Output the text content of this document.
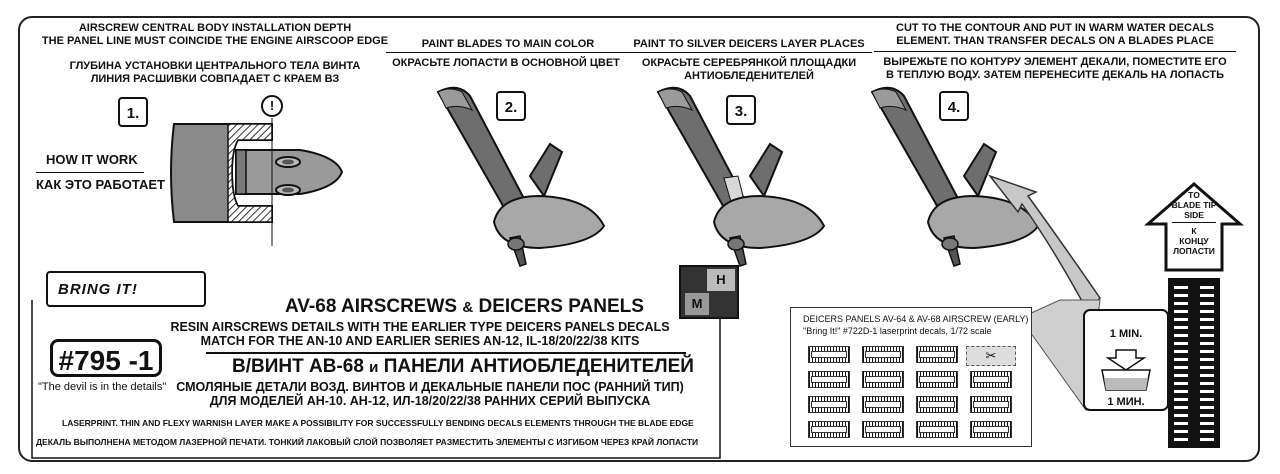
AIRSCREW CENTRAL BODY INSTALLATION DEPTH
THE PANEL LINE MUST COINCIDE THE ENGINE AIRSCOOP EDGE
ГЛУБИНА УСТАНОВКИ ЦЕНТРАЛЬНОГО ТЕЛА ВИНТА
ЛИНИЯ РАСШИВКИ СОВПАДАЕТ С КРАЕМ ВЗ
1.
HOW IT WORK
КАК ЭТО РАБОТАЕТ
PAINT BLADES TO MAIN COLOR
ОКРАСЬТЕ ЛОПАСТИ В ОСНОВНОЙ ЦВЕТ
2.
PAINT TO SILVER DEICERS LAYER PLACES
ОКРАСЬТЕ СЕРЕБРЯНКОЙ ПЛОЩАДКИ
АНТИОБЛЕДЕНИТЕЛЕЙ
3.
CUT TO THE CONTOUR AND PUT IN WARM WATER DECALS
ELEMENT. THAN TRANSFER DECALS ON A BLADES PLACE
ВЫРЕЖЬТЕ ПО КОНТУРУ ЭЛЕМЕНТ ДЕКАЛИ, ПОМЕСТИТЕ ЕГО
В ТЕПЛУЮ ВОДУ. ЗАТЕМ ПЕРЕНЕСИТЕ ДЕКАЛЬ НА ЛОПАСТЬ
4.
!
TO
BLADE TIP
SIDE
К
КОНЦУ
ЛОПАСТИ
1 MIN.
1 МИН.
BRING IT!
H
M
AV-68 AIRSCREWS & DEICERS PANELS
RESIN AIRSCREWS DETAILS WITH THE EARLIER TYPE DEICERS PANELS DECALS
MATCH FOR THE AN-10 AND EARLIER SERIES AN-12, IL-18/20/22/38 KITS
В/ВИНТ АВ-68 и ПАНЕЛИ АНТИОБЛЕДЕНИТЕЛЕЙ
СМОЛЯНЫЕ ДЕТАЛИ ВОЗД. ВИНТОВ И ДЕКАЛЬНЫЕ ПАНЕЛИ ПОС (РАННИЙ ТИП)
ДЛЯ МОДЕЛЕЙ АН-10. АН-12, ИЛ-18/20/22/38 РАННИХ СЕРИЙ ВЫПУСКА
#795 -1
"The devil is in the details"
LASERPRINT. THIN AND FLEXY WARNISH LAYER MAKE A POSSIBILITY FOR SUCCESSFULLY BENDING DECALS ELEMENTS THROUGH THE BLADE EDGE
ДЕКАЛЬ ВЫПОЛНЕНА МЕТОДОМ ЛАЗЕРНОЙ ПЕЧАТИ. ТОНКИЙ ЛАКОВЫЙ СЛОЙ ПОЗВОЛЯЕТ РАЗМЕСТИТЬ ЭЛЕМЕНТЫ С ИЗГИБОМ ЧЕРЕЗ КРАЙ ЛОПАСТИ
DEICERS PANELS AV-64 & AV-68 AIRSCREW (EARLY)
"Bring It!" #722D-1 laserprint decals, 1/72 scale
✂
